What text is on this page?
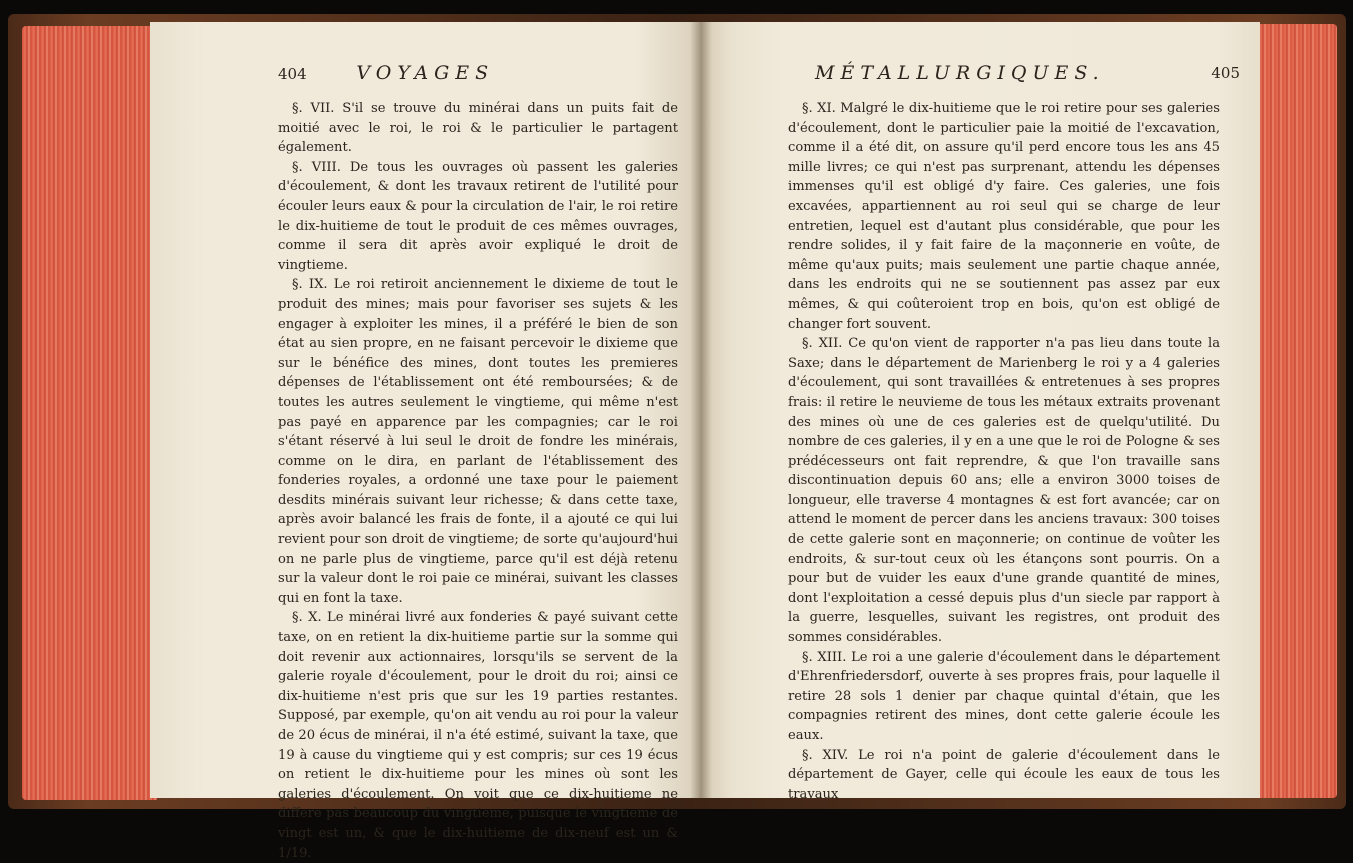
404	VOYAGES

§. VII. S'il se trouve du minérai dans un puits fait de moitié avec le roi, le roi & le particulier le partagent également.

§. VIII. De tous les ouvrages où passent les galeries d'écoulement, & dont les travaux retirent de l'utilité pour écouler leurs eaux & pour la circulation de l'air, le roi retire le dix-huitieme de tout le produit de ces mêmes ouvrages, comme il sera dit après avoir expliqué le droit de vingtieme.

§. IX. Le roi retiroit anciennement le dixieme de tout le produit des mines; mais pour favoriser ses sujets & les engager à exploiter les mines, il a préféré le bien de son état au sien propre, en ne faisant percevoir le dixieme que sur le bénéfice des mines, dont toutes les premieres dépenses de l'établissement ont été remboursées; & de toutes les autres seulement le vingtieme, qui même n'est pas payé en apparence par les compagnies; car le roi s'étant réservé à lui seul le droit de fondre les minérais, comme on le dira, en parlant de l'établissement des fonderies royales, a ordonné une taxe pour le paiement desdits minérais suivant leur richesse; & dans cette taxe, après avoir balancé les frais de fonte, il a ajouté ce qui lui revient pour son droit de vingtieme; de sorte qu'aujourd'hui on ne parle plus de vingtieme, parce qu'il est déjà retenu sur la valeur dont le roi paie ce minérai, suivant les classes qui en font la taxe.

§. X. Le minérai livré aux fonderies & payé suivant cette taxe, on en retient la dix-huitieme partie sur la somme qui doit revenir aux actionnaires, lorsqu'ils se servent de la galerie royale d'écoulement, pour le droit du roi; ainsi ce dix-huitieme n'est pris que sur les 19 parties restantes. Supposé, par exemple, qu'on ait vendu au roi pour la valeur de 20 écus de minérai, il n'a été estimé, suivant la taxe, que 19 à cause du vingtieme qui y est compris; sur ces 19 écus on retient le dix-huitieme pour les mines où sont les galeries d'écoulement. On voit que ce dix-huitieme ne differe pas beaucoup du vingtieme, puisque le vingtieme de vingt est un, & que le dix-huitieme de dix-neuf est un & 1/19.

MÉTALLURGIQUES.	405

§. XI. Malgré le dix-huitieme que le roi retire pour ses galeries d'écoulement, dont le particulier paie la moitié de l'excavation, comme il a été dit, on assure qu'il perd encore tous les ans 45 mille livres; ce qui n'est pas surprenant, attendu les dépenses immenses qu'il est obligé d'y faire. Ces galeries, une fois excavées, appartiennent au roi seul qui se charge de leur entretien, lequel est d'autant plus considérable, que pour les rendre solides, il y fait faire de la maçonnerie en voûte, de même qu'aux puits; mais seulement une partie chaque année, dans les endroits qui ne se soutiennent pas assez par eux mêmes, & qui coûteroient trop en bois, qu'on est obligé de changer fort souvent.

§. XII. Ce qu'on vient de rapporter n'a pas lieu dans toute la Saxe; dans le département de Marienberg le roi y a 4 galeries d'écoulement, qui sont travaillées & entretenues à ses propres frais: il retire le neuvieme de tous les métaux extraits provenant des mines où une de ces galeries est de quelqu'utilité. Du nombre de ces galeries, il y en a une que le roi de Pologne & ses prédécesseurs ont fait reprendre, & que l'on travaille sans discontinuation depuis 60 ans; elle a environ 3000 toises de longueur, elle traverse 4 montagnes & est fort avancée; car on attend le moment de percer dans les anciens travaux: 300 toises de cette galerie sont en maçonnerie; on continue de voûter les endroits, & sur-tout ceux où les étançons sont pourris. On a pour but de vuider les eaux d'une grande quantité de mines, dont l'exploitation a cessé depuis plus d'un siecle par rapport à la guerre, lesquelles, suivant les registres, ont produit des sommes considérables.

§. XIII. Le roi a une galerie d'écoulement dans le département d'Ehrenfriedersdorf, ouverte à ses propres frais, pour laquelle il retire 28 sols 1 denier par chaque quintal d'étain, que les compagnies retirent des mines, dont cette galerie écoule les eaux.

§. XIV. Le roi n'a point de galerie d'écoulement dans le département de Gayer, celle qui écoule les eaux de tous les travaux
